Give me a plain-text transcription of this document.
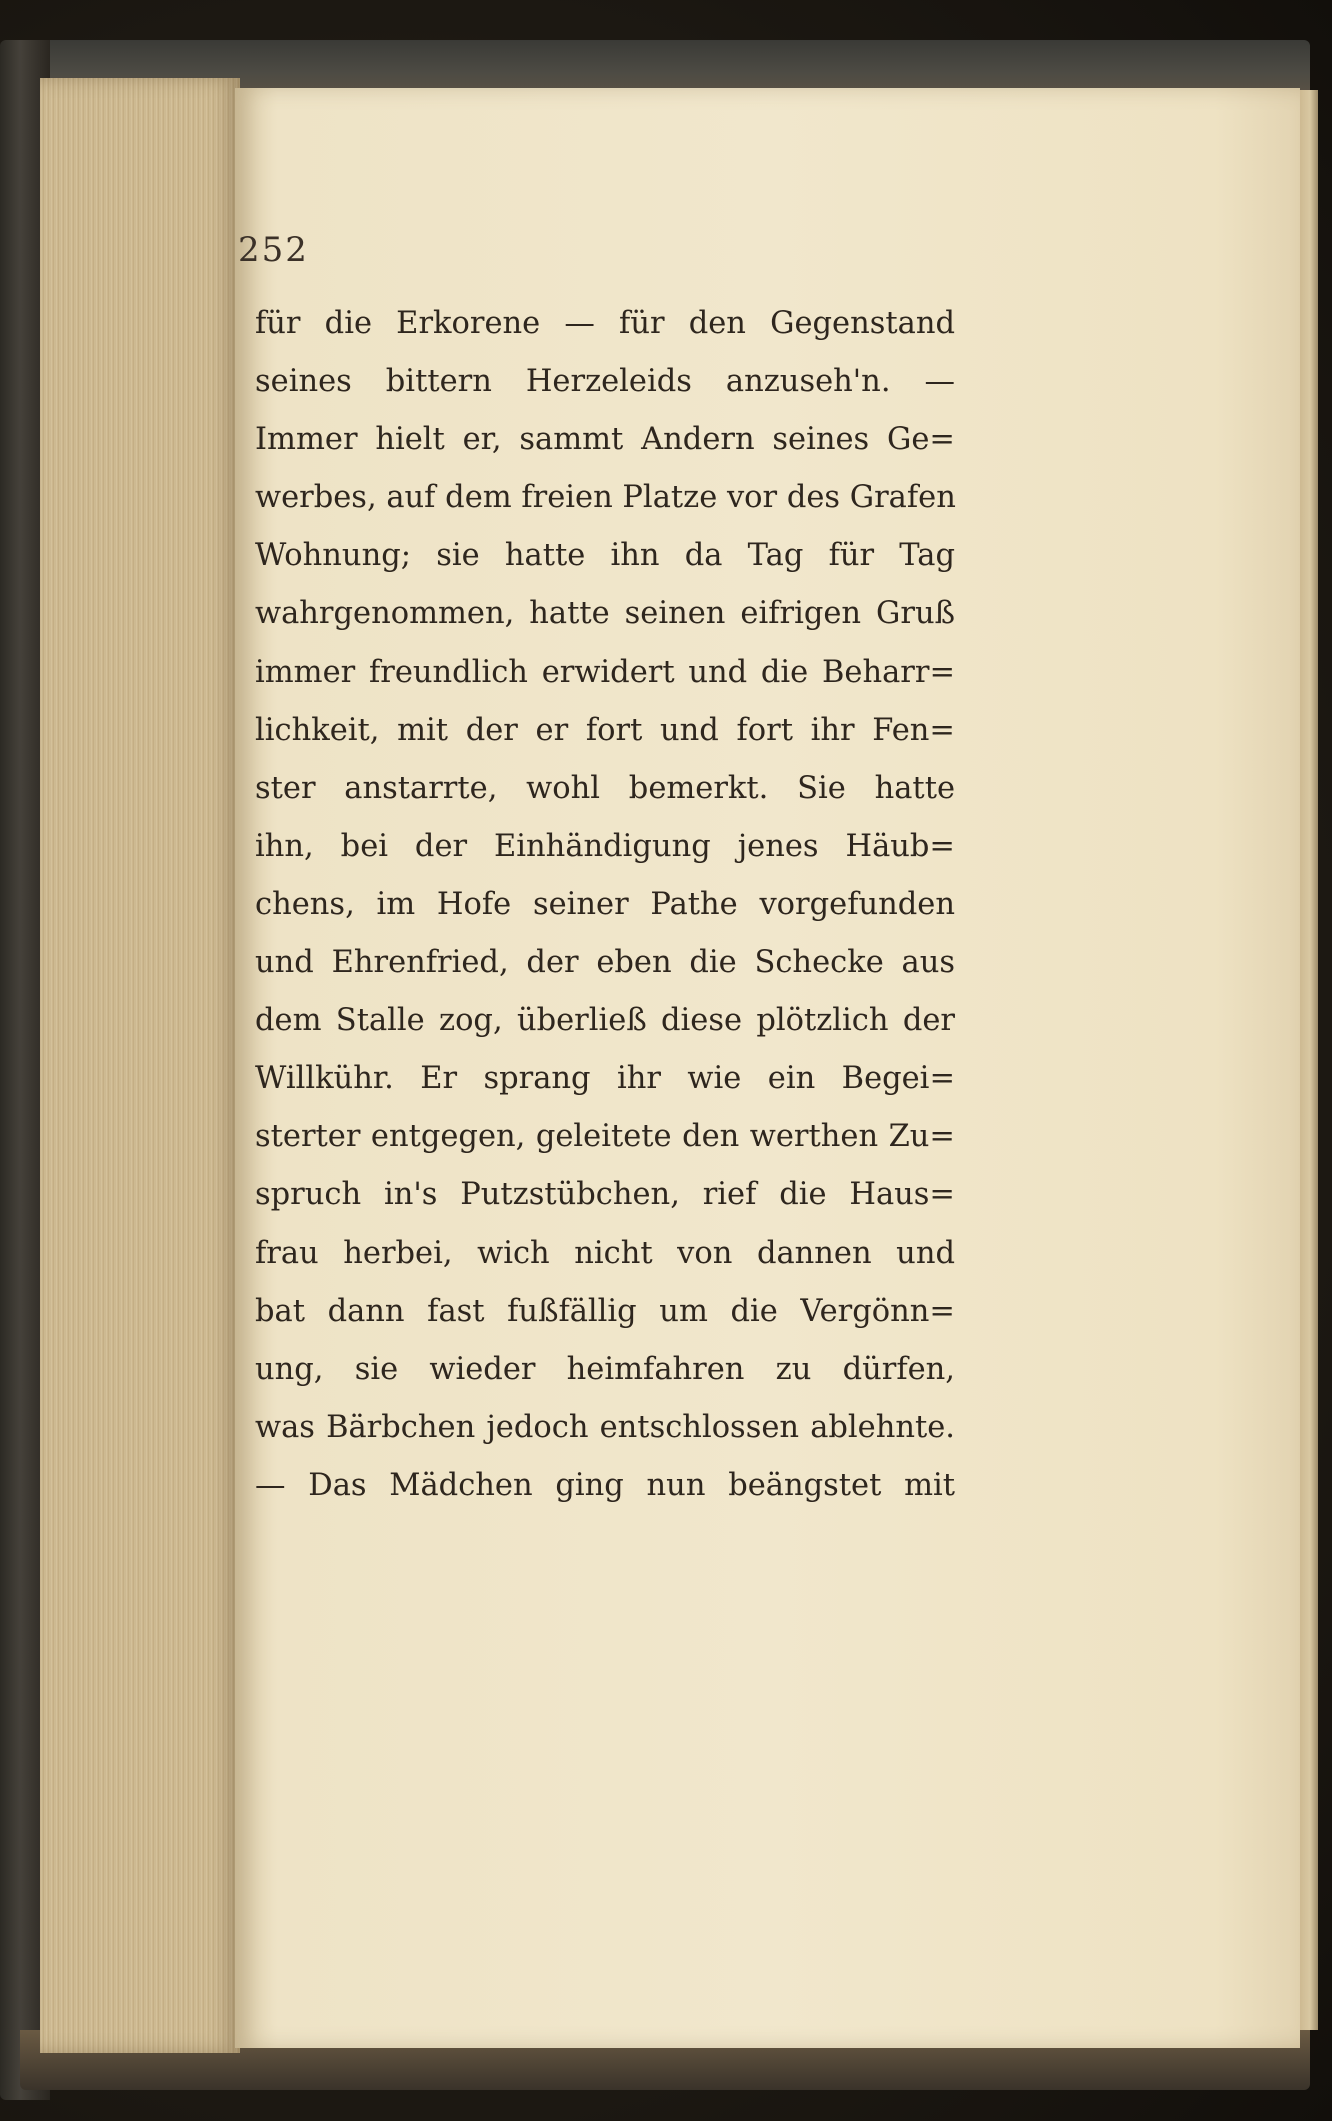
252
für die Erkorene — für den Gegenstand
seines bittern Herzeleids anzuseh'n. —
Immer hielt er, sammt Andern seines Ge=
werbes, auf dem freien Platze vor des Grafen
Wohnung; sie hatte ihn da Tag für Tag
wahrgenommen, hatte seinen eifrigen Gruß
immer freundlich erwidert und die Beharr=
lichkeit, mit der er fort und fort ihr Fen=
ster anstarrte, wohl bemerkt. Sie hatte
ihn, bei der Einhändigung jenes Häub=
chens, im Hofe seiner Pathe vorgefunden
und Ehrenfried, der eben die Schecke aus
dem Stalle zog, überließ diese plötzlich der
Willkühr. Er sprang ihr wie ein Begei=
sterter entgegen, geleitete den werthen Zu=
spruch in's Putzstübchen, rief die Haus=
frau herbei, wich nicht von dannen und
bat dann fast fußfällig um die Vergönn=
ung, sie wieder heimfahren zu dürfen,
was Bärbchen jedoch entschlossen ablehnte.
— Das Mädchen ging nun beängstet mit
